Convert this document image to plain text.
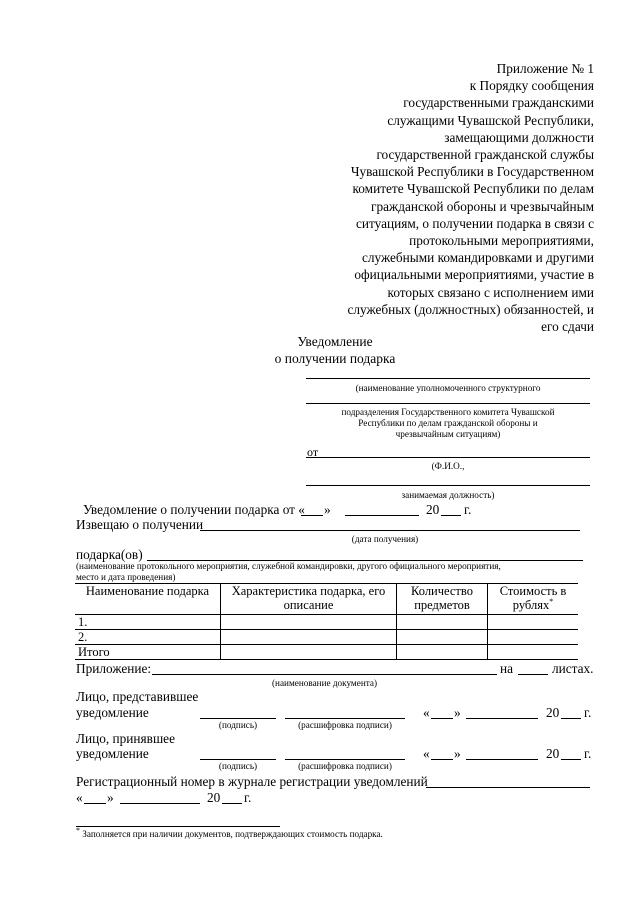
Приложение № 1
к Порядку сообщения
государственными гражданскими
служащими Чувашской Республики,
замещающими должности
государственной гражданской службы
Чувашской Республики в Государственном
комитете Чувашской Республики по делам
гражданской обороны и чрезвычайным
ситуациям, о получении подарка в связи с
протокольными мероприятиями,
служебными командировками и другими
официальными мероприятиями, участие в
которых связано с исполнением ими
служебных (должностных) обязанностей, и
его сдачи
Уведомление
о получении подарка
(наименование уполномоченного структурного
подразделения Государственного комитета Чувашской
Республики по делам гражданской обороны и
чрезвычайным ситуациям)
от
(Ф.И.О.,
занимаемая должность)
Уведомление о получении подарка от « »	20 г.
Извещаю о получении
(дата получения)
подарка(ов)
(наименование протокольного мероприятия, служебной командировки, другого официального мероприятия,
место и дата проведения)
Наименование подарка	Характеристика подарка, его описание	Количество предметов	Стоимость в рублях*
1.			
2.			
Итого			
Приложение:	на	листах.
(наименование документа)
Лицо, представившее
уведомление
(подпись)	(расшифровка подписи)
« »	20 г.
Лицо, принявшее
уведомление
(подпись)	(расшифровка подписи)
« »	20 г.
Регистрационный номер в журнале регистрации уведомлений
« »	20 г.
* Заполняется при наличии документов, подтверждающих стоимость подарка.
